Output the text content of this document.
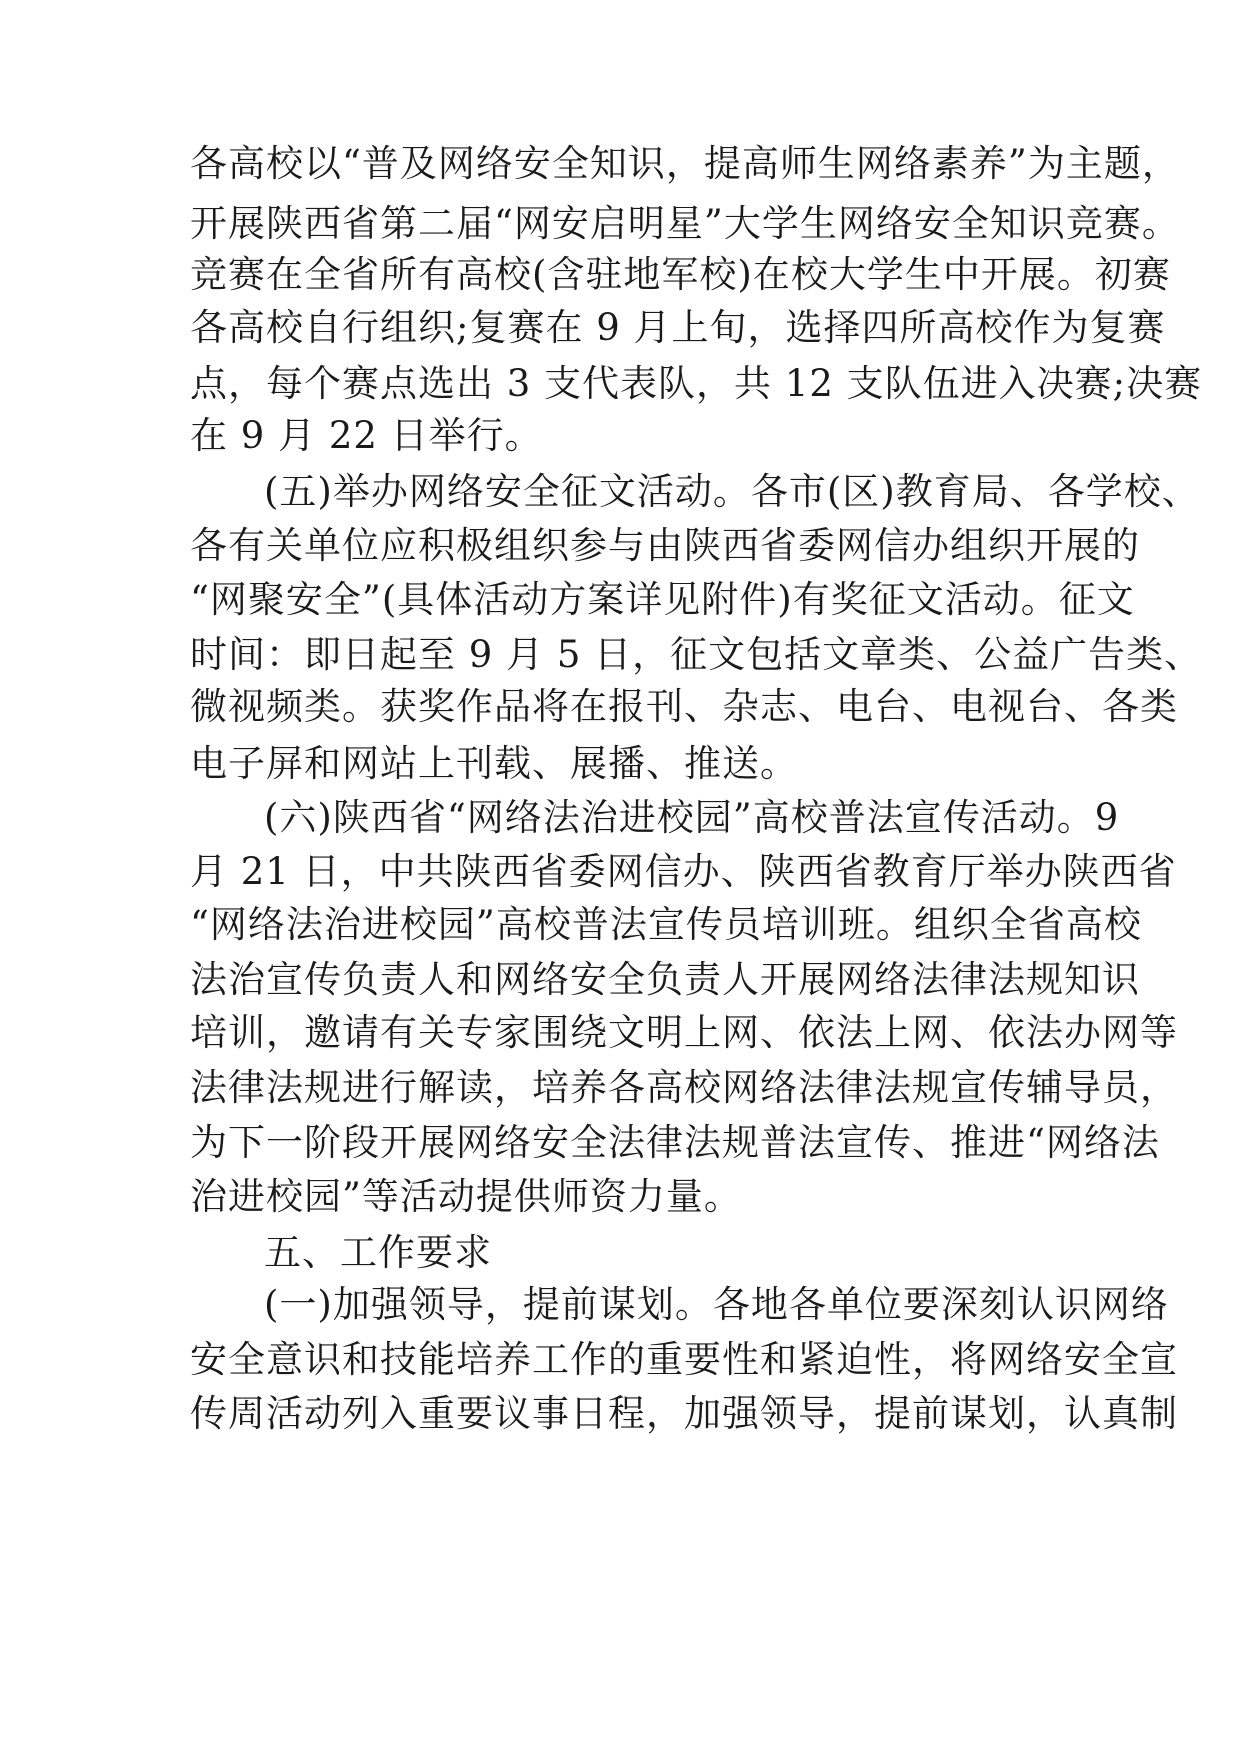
各高校以“普及网络安全知识，提高师生网络素养”为主题，
开展陕西省第二届“网安启明星”大学生网络安全知识竞赛。
竞赛在全省所有高校(含驻地军校)在校大学生中开展。初赛
各高校自行组织;复赛在 9 月上旬，选择四所高校作为复赛
点，每个赛点选出 3 支代表队，共 12 支队伍进入决赛;决赛
在 9 月 22 日举行。
(五)举办网络安全征文活动。各市(区)教育局、各学校、
各有关单位应积极组织参与由陕西省委网信办组织开展的
“网聚安全”(具体活动方案详见附件)有奖征文活动。征文
时间：即日起至 9 月 5 日，征文包括文章类、公益广告类、
微视频类。获奖作品将在报刊、杂志、电台、电视台、各类
电子屏和网站上刊载、展播、推送。
(六)陕西省“网络法治进校园”高校普法宣传活动。9
月 21 日，中共陕西省委网信办、陕西省教育厅举办陕西省
“网络法治进校园”高校普法宣传员培训班。组织全省高校
法治宣传负责人和网络安全负责人开展网络法律法规知识
培训，邀请有关专家围绕文明上网、依法上网、依法办网等
法律法规进行解读，培养各高校网络法律法规宣传辅导员，
为下一阶段开展网络安全法律法规普法宣传、推进“网络法
治进校园”等活动提供师资力量。
五、工作要求
(一)加强领导，提前谋划。各地各单位要深刻认识网络
安全意识和技能培养工作的重要性和紧迫性，将网络安全宣
传周活动列入重要议事日程，加强领导，提前谋划，认真制
